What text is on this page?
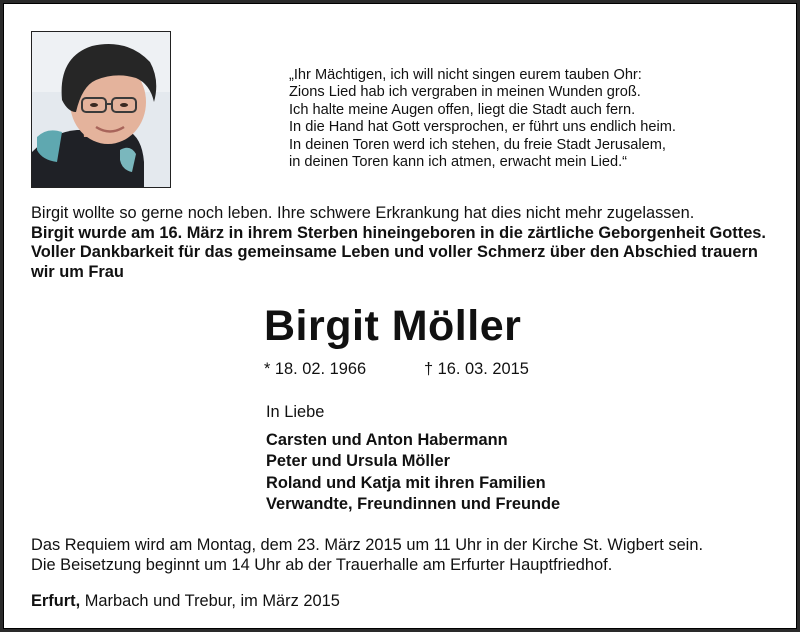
„Ihr Mächtigen, ich will nicht singen eurem tauben Ohr:
Zions Lied hab ich vergraben in meinen Wunden groß.
Ich halte meine Augen offen, liegt die Stadt auch fern.
In die Hand hat Gott versprochen, er führt uns endlich heim.
In deinen Toren werd ich stehen, du freie Stadt Jerusalem,
in deinen Toren kann ich atmen, erwacht mein Lied.“
Birgit wollte so gerne noch leben. Ihre schwere Erkrankung hat dies nicht mehr zugelassen.
Birgit wurde am 16. März in ihrem Sterben hineingeboren in die zärtliche Geborgenheit Gottes.
Voller Dankbarkeit für das gemeinsame Leben und voller Schmerz über den Abschied trauern wir um Frau
Birgit Möller
* 18. 02. 1966	† 16. 03. 2015
In Liebe
Carsten und Anton Habermann
Peter und Ursula Möller
Roland und Katja mit ihren Familien
Verwandte, Freundinnen und Freunde
Das Requiem wird am Montag, dem 23. März 2015 um 11 Uhr in der Kirche St. Wigbert sein.
Die Beisetzung beginnt um 14 Uhr ab der Trauerhalle am Erfurter Hauptfriedhof.
Erfurt, Marbach und Trebur, im März 2015
